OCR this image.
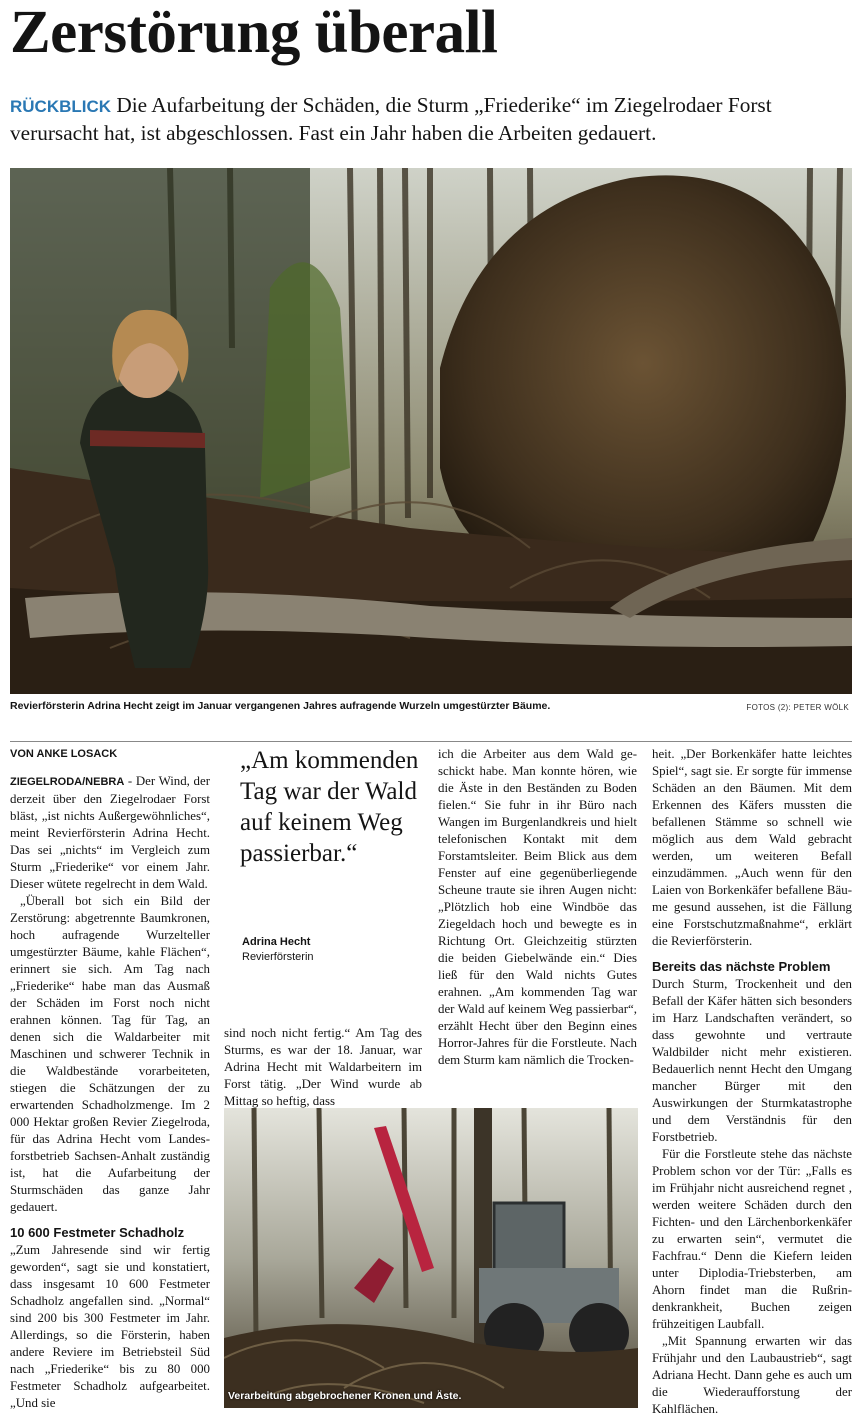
Zerstörung überall
RÜCKBLICK Die Aufarbeitung der Schäden, die Sturm „Friederike“ im Ziegelrodaer Forst verursacht hat, ist abgeschlossen. Fast ein Jahr haben die Arbeiten gedauert.
Revierförsterin Adrina Hecht zeigt im Januar vergangenen Jahres aufragende Wurzeln umgestürzter Bäume.	FOTOS (2): PETER WÖLK
VON ANKE LOSACK

ZIEGELRODA/NEBRA - Der Wind, der derzeit über den Ziegelrodaer Forst bläst, „ist nichts Außergewöhnliches“, meint Revierförsterin Adrina Hecht. Das sei „nichts“ im Vergleich zum Sturm „Friederike“ vor einem Jahr. Dieser wütete regelrecht in dem Wald.

„Überall bot sich ein Bild der Zerstörung: abgetrennte Baumkronen, hoch aufragende Wurzelteller umgestürzter Bäume, kahle Flächen“, erinnert sie sich. Am Tag nach „Friederike“ habe man das Ausmaß der Schäden im Forst noch nicht erahnen können. Tag für Tag, an denen sich die Waldarbeiter mit Maschinen und schwerer Technik in die Waldbestände vorarbeiteten, stiegen die Schätzungen der zu erwartenden Schadholzmenge. Im 2 000 Hektar großen Revier Ziegelroda, für das Adrina Hecht vom Landesforstbetrieb Sachsen-Anhalt zuständig ist, hat die Aufarbeitung der Sturmschäden das ganze Jahr gedauert.

10 600 Festmeter Schadholz

„Zum Jahresende sind wir fertig geworden“, sagt sie und konstatiert, dass insgesamt 10 600 Festmeter Schadholz angefallen sind. „Normal“ sind 200 bis 300 Festmeter im Jahr. Allerdings, so die Försterin, haben andere Reviere im Betriebsteil Süd nach „Friederike“ bis zu 80 000 Festmeter Schadholz aufgearbeitet. „Und sie

„Am kommenden Tag war der Wald auf keinem Weg passierbar.“
Adrina Hecht
Revierförsterin

sind noch nicht fertig.“ Am Tag des Sturms, es war der 18. Januar, war Adrina Hecht mit Waldarbeitern im Forst tätig. „Der Wind wurde ab Mittag so heftig, dass

ich die Arbeiter aus dem Wald geschickt habe. Man konnte hören, wie die Äste in den Beständen zu Boden fielen.“ Sie fuhr in ihr Büro nach Wangen im Burgenlandkreis und hielt telefonischen Kontakt mit dem Forstamtsleiter. Beim Blick aus dem Fenster auf eine gegenüberliegende Scheune traute sie ihren Augen nicht: „Plötzlich hob eine Windböe das Ziegeldach hoch und bewegte es in Richtung Ort. Gleichzeitig stürzten die beiden Giebelwände ein.“ Dies ließ für den Wald nichts Gutes erahnen. „Am kommenden Tag war der Wald auf keinem Weg passierbar“, erzählt Hecht über den Beginn eines Horror-Jahres für die Forstleute. Nach dem Sturm kam nämlich die Trocken-

Verarbeitung abgebrochener Kronen und Äste.

heit. „Der Borkenkäfer hatte leichtes Spiel“, sagt sie. Er sorgte für immense Schäden an den Bäumen. Mit dem Erkennen des Käfers mussten die befallenen Stämme so schnell wie möglich aus dem Wald gebracht werden, um weiteren Befall einzudämmen. „Auch wenn für den Laien von Borkenkäfer befallene Bäume gesund aussehen, ist die Fällung eine Forstschutzmaßnahme“, erklärt die Revierförsterin.

Bereits das nächste Problem

Durch Sturm, Trockenheit und den Befall der Käfer hätten sich besonders im Harz Landschaften verändert, so dass gewohnte und vertraute Waldbilder nicht mehr existieren. Bedauerlich nennt Hecht den Umgang mancher Bürger mit den Auswirkungen der Sturmkatastrophe und dem Verständnis für den Forstbetrieb.

Für die Forstleute stehe das nächste Problem schon vor der Tür: „Falls es im Frühjahr nicht ausreichend regnet , werden weitere Schäden durch den Fichten- und den Lärchenborkenkäfer zu erwarten sein“, vermutet die Fachfrau.“ Denn die Kiefern leiden unter Diplodia-Triebsterben, am Ahorn findet man die Rußrindenkrankheit, Buchen zeigen frühzeitigen Laubfall.

„Mit Spannung erwarten wir das Frühjahr und den Laubaustrieb“, sagt Adriana Hecht. Dann gehe es auch um die Wiederaufforstung der Kahlflächen.
